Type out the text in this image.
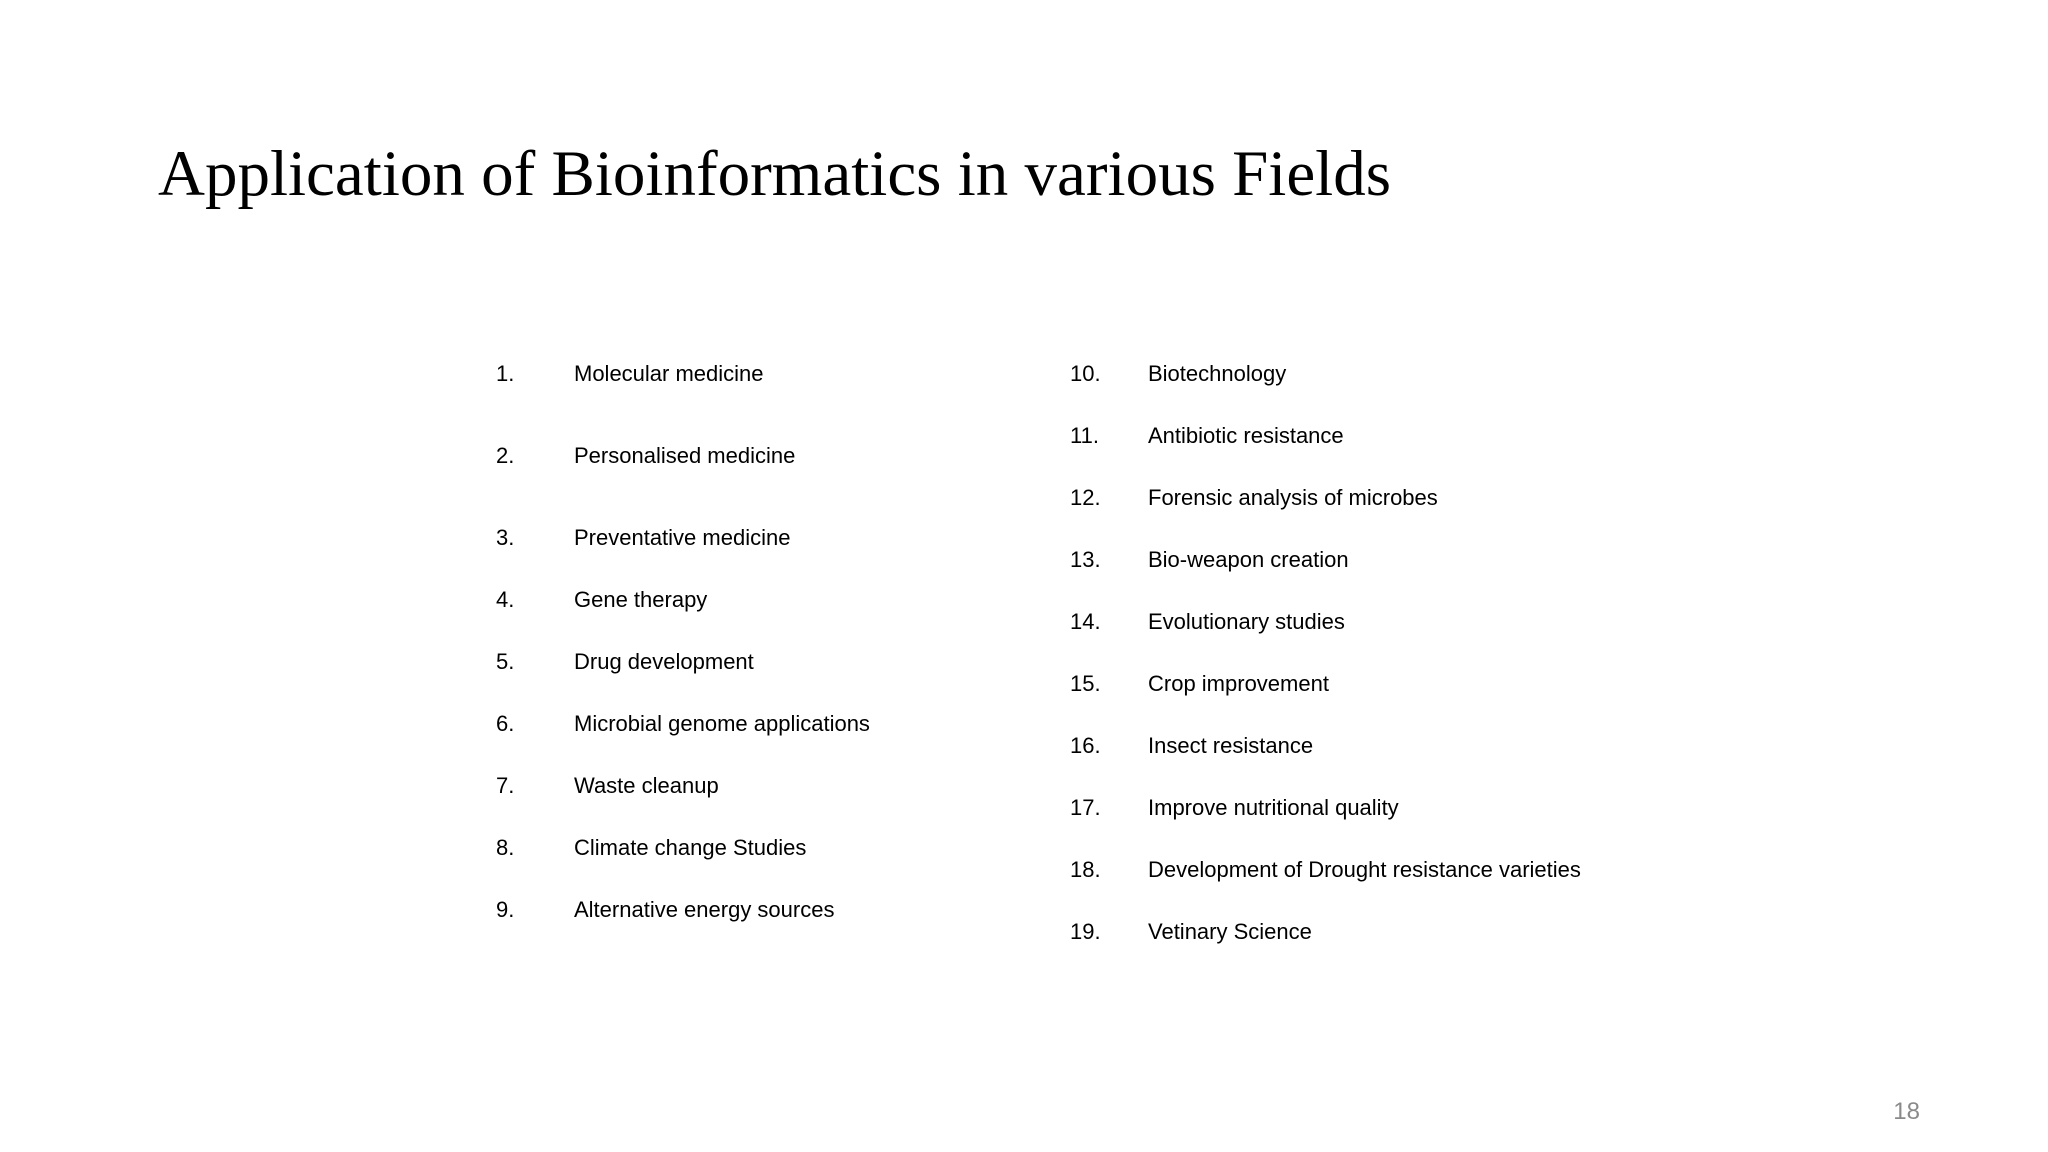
Application of Bioinformatics in various Fields
1.	Molecular medicine
2.	Personalised medicine
3.	Preventative medicine
4.	Gene therapy
5.	Drug development
6.	Microbial genome applications
7.	Waste cleanup
8.	Climate change Studies
9.	Alternative energy sources
10. Biotechnology
11. Antibiotic resistance
12. Forensic analysis of microbes
13. Bio-weapon creation
14. Evolutionary studies
15. Crop improvement
16. Insect resistance
17. Improve nutritional quality
18. Development of Drought resistance varieties
19. Vetinary Science
18
